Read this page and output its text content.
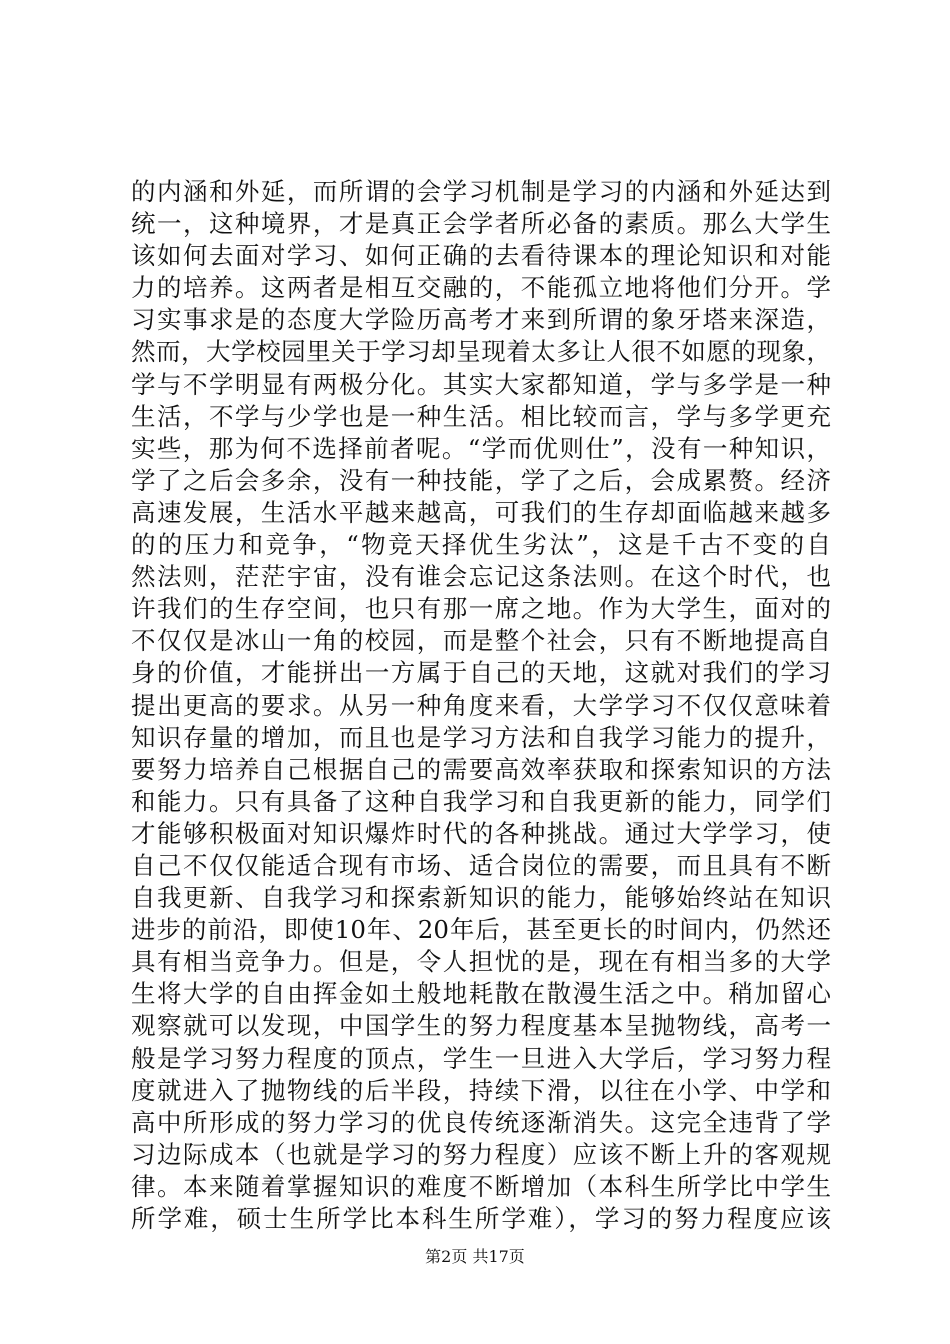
的内涵和外延，而所谓的会学习机制是学习的内涵和外延达到
统一，这种境界，才是真正会学者所必备的素质。那么大学生
该如何去面对学习、如何正确的去看待课本的理论知识和对能
力的培养。这两者是相互交融的，不能孤立地将他们分开。学
习实事求是的态度大学险历高考才来到所谓的象牙塔来深造，
然而，大学校园里关于学习却呈现着太多让人很不如愿的现象，
学与不学明显有两极分化。其实大家都知道，学与多学是一种
生活，不学与少学也是一种生活。相比较而言，学与多学更充
实些，那为何不选择前者呢。“学而优则仕”，没有一种知识，
学了之后会多余，没有一种技能，学了之后，会成累赘。经济
高速发展，生活水平越来越高，可我们的生存却面临越来越多
的的压力和竞争，“物竞天择优生劣汰”，这是千古不变的自
然法则，茫茫宇宙，没有谁会忘记这条法则。在这个时代，也
许我们的生存空间，也只有那一席之地。作为大学生，面对的
不仅仅是冰山一角的校园，而是整个社会，只有不断地提高自
身的价值，才能拼出一方属于自己的天地，这就对我们的学习
提出更高的要求。从另一种角度来看，大学学习不仅仅意味着
知识存量的增加，而且也是学习方法和自我学习能力的提升，
要努力培养自己根据自己的需要高效率获取和探索知识的方法
和能力。只有具备了这种自我学习和自我更新的能力，同学们
才能够积极面对知识爆炸时代的各种挑战。通过大学学习，使
自己不仅仅能适合现有市场、适合岗位的需要，而且具有不断
自我更新、自我学习和探索新知识的能力，能够始终站在知识
进步的前沿，即使10年、20年后，甚至更长的时间内，仍然还
具有相当竞争力。但是，令人担忧的是，现在有相当多的大学
生将大学的自由挥金如土般地耗散在散漫生活之中。稍加留心
观察就可以发现，中国学生的努力程度基本呈抛物线，高考一
般是学习努力程度的顶点，学生一旦进入大学后，学习努力程
度就进入了抛物线的后半段，持续下滑，以往在小学、中学和
高中所形成的努力学习的优良传统逐渐消失。这完全违背了学
习边际成本（也就是学习的努力程度）应该不断上升的客观规
律。本来随着掌握知识的难度不断增加（本科生所学比中学生
所学难，硕士生所学比本科生所学难），学习的努力程度应该
第2页 共17页
